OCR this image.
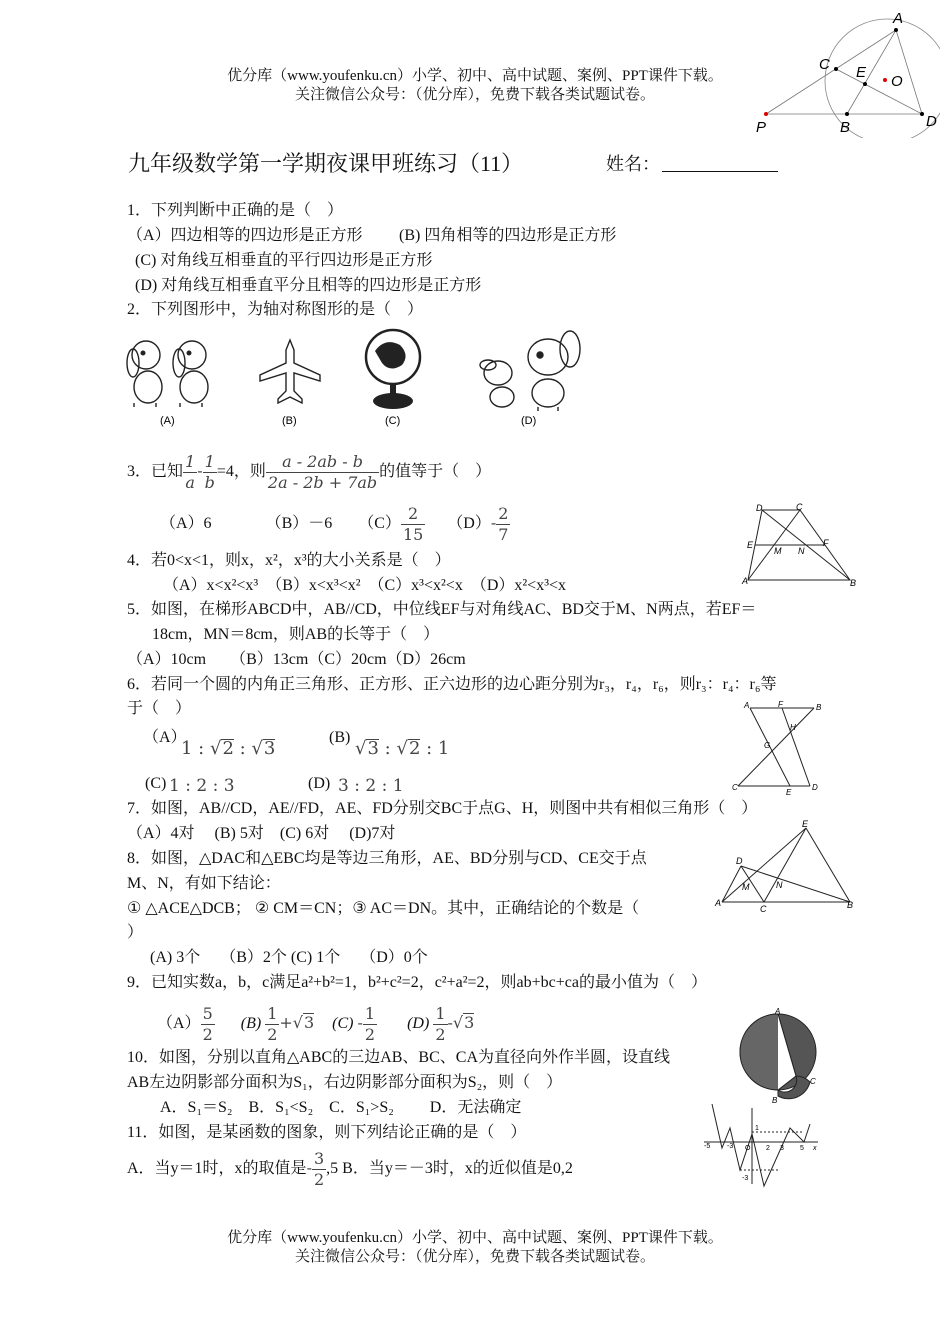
优分库（www.youfenku.cn）小学、初中、高中试题、案例、PPT课件下载。
关注微信公众号：（优分库），免费下载各类试题试卷。
A
C E
O
P	B	D
九年级数学第一学期夜课甲班练习（11）	姓名：
1．下列判断中正确的是（　）
（A）四边相等的四边形是正方形 (B) 四角相等的四边形是正方形
(C) 对角线互相垂直的平行四边形是正方形
(D) 对角线互相垂直平分且相等的四边形是正方形
2．下列图形中，为轴对称图形的是（　）
(A)	(B)	(C)	(D)
3．已知 $\frac{1}{a} - \frac{1}{b} =4$，则 $\frac{a - 2ab - b}{2a - 2b + 7ab}$ 的值等于（　）
（A）6	（B）－6 $(C) \frac{2}{15} (D)- \frac{2}{7}$	D	C
E
M N
F
A	B
4．若0<x<1，则x，x²，x³的大小关系是（　）
（A）x<x²<x³　（B）x<x³<x²　（C）x³<x²<x　（D）x²<x³<x
5．如图，在梯形ABCD中，AB//CD，中位线EF与对角线AC、BD交于M、N两点，若EF＝
18cm，MN＝8cm，则AB的长等于（　）
（A）10cm　　（B）13cm（C）20cm（D）26cm
6．若同一个圆的内角正三角形、正方形、正六边形的边心距分别为r₃，r₄，r₆，则r₃：r₄：r₆等
于（　）
（A）
1 : √2 : √3
(B)
√3 : √2 : 1
(C) 1 : 2 : 3	(D) 3 : 2 : 1
A	F	B
H
G
C
E
D
7．如图，AB//CD，AE//FD，AE、FD分别交BC于点G、H，则图中共有相似三角形（　）
（A）4对　 (B) 5对　(C) 6对　 (D)7对
E
D
M	N
A
C	B
8．如图，△DAC和△EBC均是等边三角形，AE、BD分别与CD、CE交于点
M、N，有如下结论：
① △ACE△DCB； ② CM＝CN；③ AC＝DN。其中，正确结论的个数是（
）
(A) 3个　 （B）2个 (C) 1个　 （D）0个
9．已知实数a，b，c满足a²+b²=1，b²+c²=2，c²+a²=2，则ab+bc+ca的最小值为（　）
$(A) \frac{5}{2} (B) \frac{1}{2} +√3$ $(C) - \frac{1}{2} (D) \frac{1}{2} -√3$
A
C
B
10．如图，分别以直角△ABC的三边AB、BC、CA为直径向外作半圆，设直线
AB左边阴影部分面积为S₁，右边阴影部分面积为S₂，则（　）
A．S₁＝S₂　B．S₁<S₂　C．S₁>S₂　　 D．无法确定
-5 -3 O
1
2 3 5 x
-3
11．如图，是某函数的图象，则下列结论正确的是（　）
A．当y＝1时，x的取值是- $\frac{3}{2} ,5$ B．当y＝－3时，x的近似值是0,2
优分库（www.youfenku.cn）小学、初中、高中试题、案例、PPT课件下载。
关注微信公众号：（优分库），免费下载各类试题试卷。
